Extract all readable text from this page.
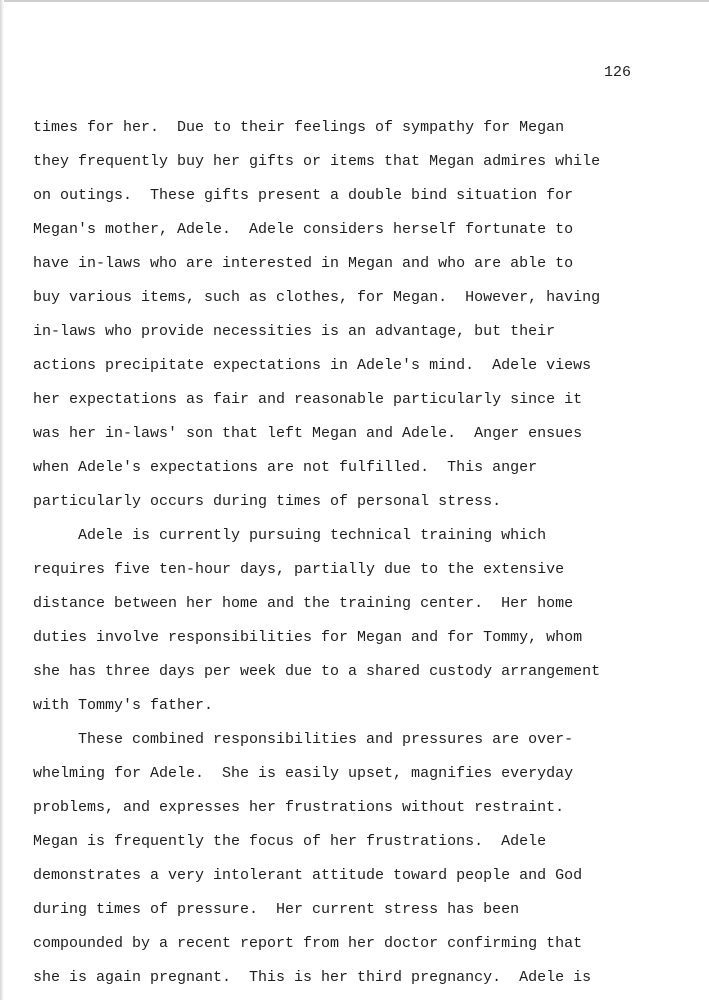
126
times for her.  Due to their feelings of sympathy for Megan
they frequently buy her gifts or items that Megan admires while
on outings.  These gifts present a double bind situation for
Megan's mother, Adele.  Adele considers herself fortunate to
have in-laws who are interested in Megan and who are able to
buy various items, such as clothes, for Megan.  However, having
in-laws who provide necessities is an advantage, but their
actions precipitate expectations in Adele's mind.  Adele views
her expectations as fair and reasonable particularly since it
was her in-laws' son that left Megan and Adele.  Anger ensues
when Adele's expectations are not fulfilled.  This anger
particularly occurs during times of personal stress.
Adele is currently pursuing technical training which
requires five ten-hour days, partially due to the extensive
distance between her home and the training center.  Her home
duties involve responsibilities for Megan and for Tommy, whom
she has three days per week due to a shared custody arrangement
with Tommy's father.
These combined responsibilities and pressures are over-
whelming for Adele.  She is easily upset, magnifies everyday
problems, and expresses her frustrations without restraint.
Megan is frequently the focus of her frustrations.  Adele
demonstrates a very intolerant attitude toward people and God
during times of pressure.  Her current stress has been
compounded by a recent report from her doctor confirming that
she is again pregnant.  This is her third pregnancy.  Adele is
